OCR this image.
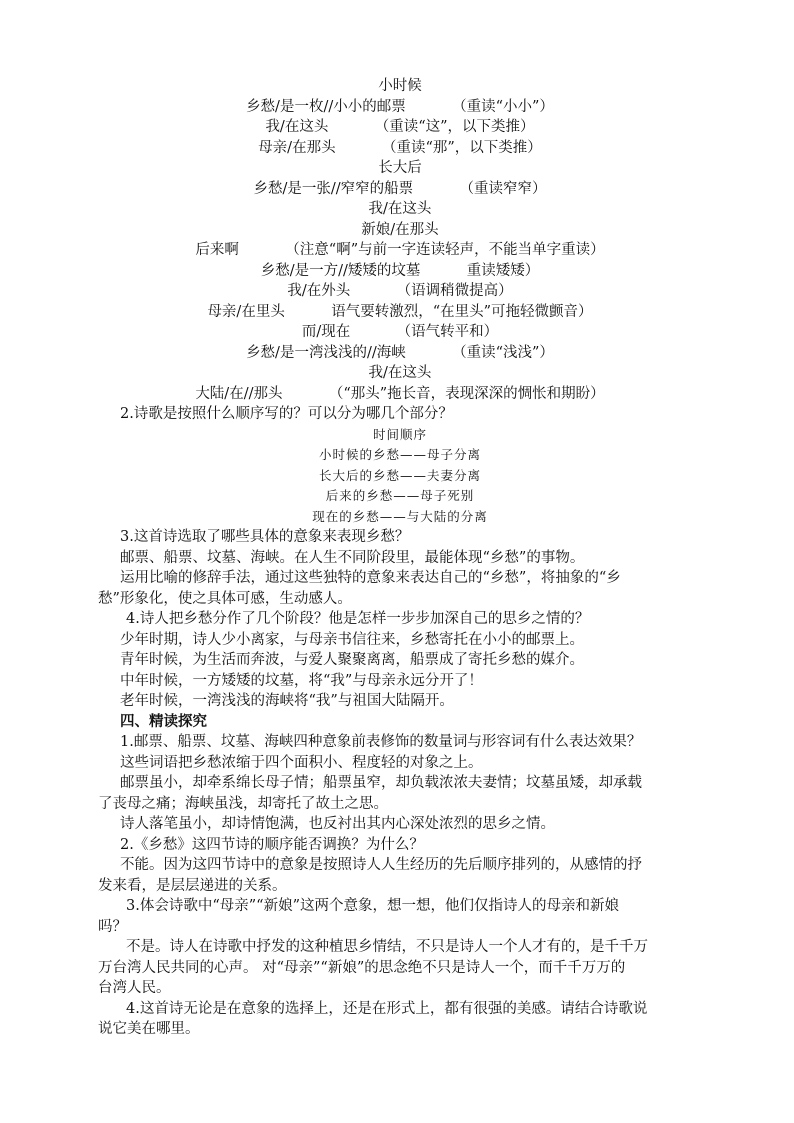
小时候
乡愁/是一枚//小小的邮票	（重读“小小”）
我/在这头	（重读“这”，以下类推）
母亲/在那头	（重读“那”，以下类推）
长大后
乡愁/是一张//窄窄的船票	（重读窄窄）
我/在这头
新娘/在那头
后来啊	（注意“啊”与前一字连读轻声，不能当单字重读）
乡愁/是一方//矮矮的坟墓	重读矮矮）
我/在外头	（语调稍微提高）
母亲/在里头	语气要转激烈，“在里头”可拖轻微颤音）
而/现在	（语气转平和）
乡愁/是一湾浅浅的//海峡	（重读“浅浅”）
我/在这头
大陆/在//那头	（“那头”拖长音，表现深深的惆怅和期盼）
2.诗歌是按照什么顺序写的？可以分为哪几个部分？
时间顺序
小时候的乡愁——母子分离
长大后的乡愁——夫妻分离
后来的乡愁——母子死别
现在的乡愁——与大陆的分离
3.这首诗选取了哪些具体的意象来表现乡愁？
邮票、船票、坟墓、海峡。在人生不同阶段里，最能体现“乡愁”的事物。
运用比喻的修辞手法，通过这些独特的意象来表达自己的“乡愁”，将抽象的“乡
愁”形象化，使之具体可感，生动感人。
4.诗人把乡愁分作了几个阶段？他是怎样一步步加深自己的思乡之情的？
少年时期，诗人少小离家，与母亲书信往来，乡愁寄托在小小的邮票上。
青年时候，为生活而奔波，与爱人聚聚离离，船票成了寄托乡愁的媒介。
中年时候，一方矮矮的坟墓，将“我”与母亲永远分开了！
老年时候，一湾浅浅的海峡将“我”与祖国大陆隔开。
四、精读探究
1.邮票、船票、坟墓、海峡四种意象前表修饰的数量词与形容词有什么表达效果？
这些词语把乡愁浓缩于四个面积小、程度轻的对象之上。
邮票虽小，却牵系绵长母子情；船票虽窄，却负载浓浓夫妻情；坟墓虽矮，却承载
了丧母之痛；海峡虽浅，却寄托了故土之思。
诗人落笔虽小，却诗情饱满，也反衬出其内心深处浓烈的思乡之情。
2.《乡愁》这四节诗的顺序能否调换？为什么？
不能。因为这四节诗中的意象是按照诗人人生经历的先后顺序排列的，从感情的抒
发来看，是层层递进的关系。
3.体会诗歌中“母亲”“新娘”这两个意象，想一想，他们仅指诗人的母亲和新娘
吗？
不是。诗人在诗歌中抒发的这种植思乡情结，不只是诗人一个人才有的，是千千万
万台湾人民共同的心声。 对“母亲”“新娘”的思念绝不只是诗人一个，而千千万万的
台湾人民。
4.这首诗无论是在意象的选择上，还是在形式上，都有很强的美感。请结合诗歌说
说它美在哪里。
